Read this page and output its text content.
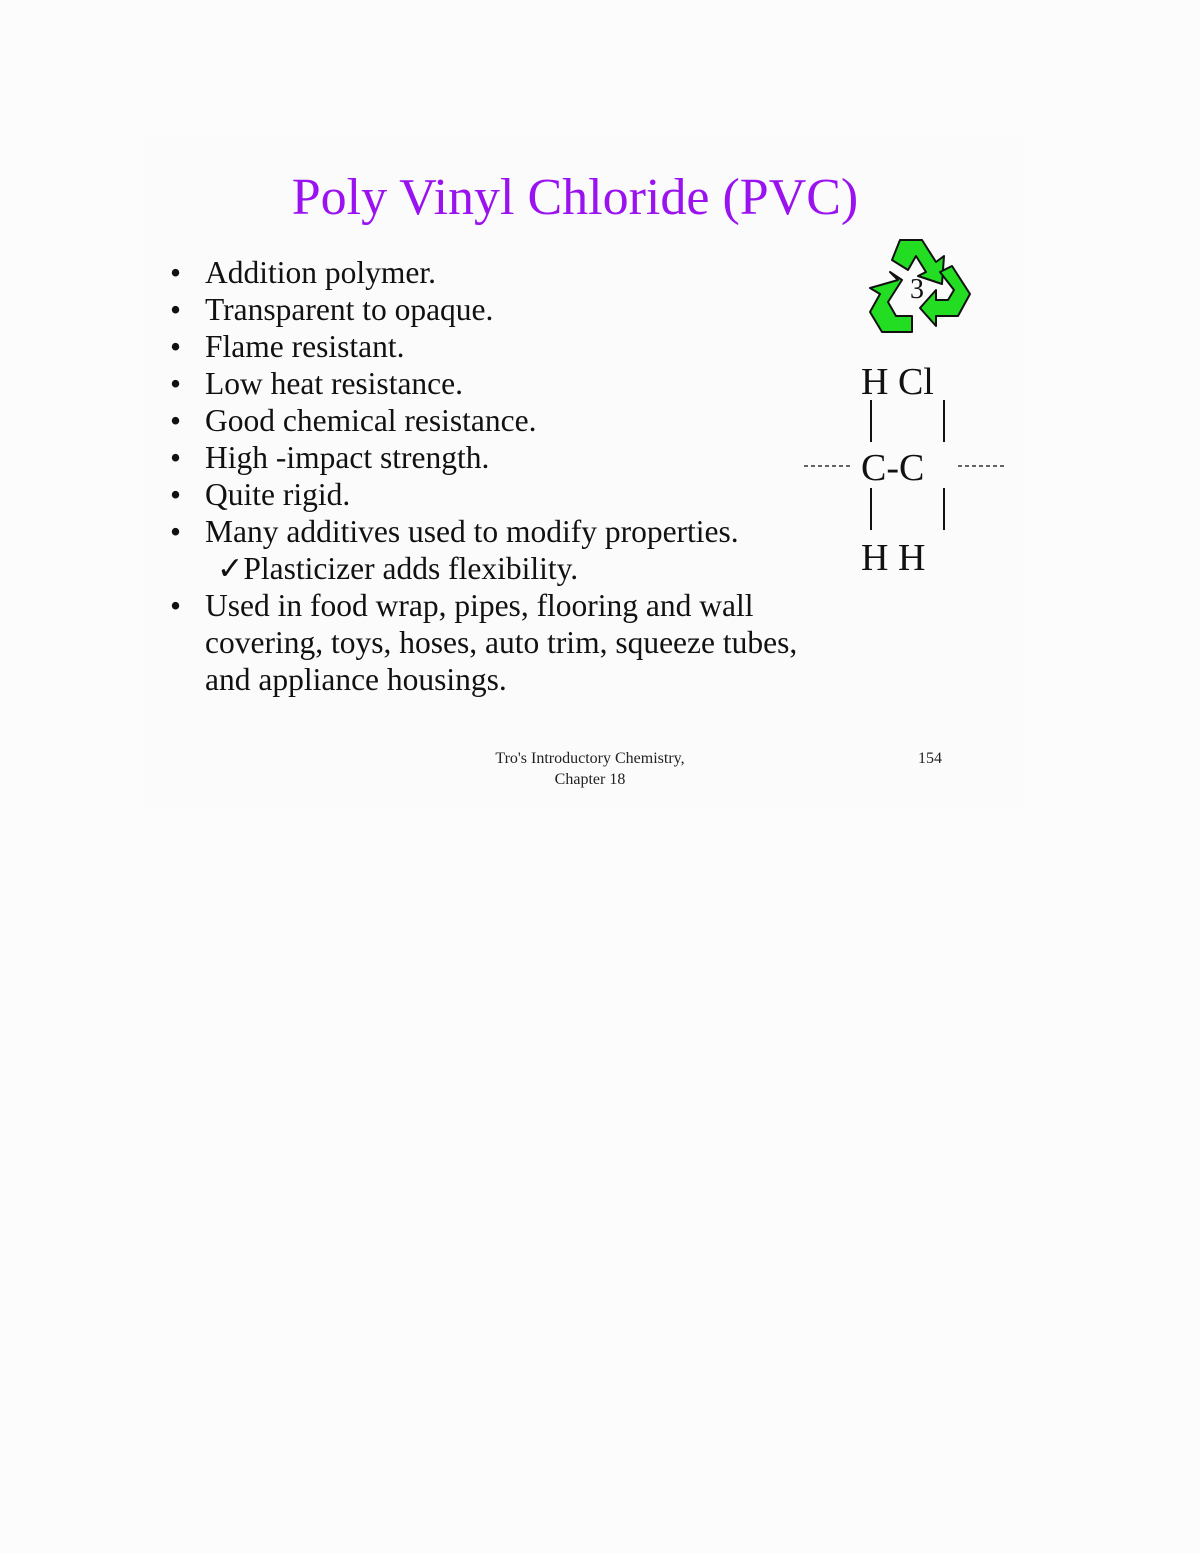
Poly Vinyl Chloride (PVC)
• Addition polymer.
• Transparent to opaque.
• Flame resistant.
• Low heat resistance.
• Good chemical resistance.
• High -impact strength.
• Quite rigid.
• Many additives used to modify properties.
✓Plasticizer adds flexibility.
• Used in food wrap, pipes, flooring and wall
covering, toys, hoses, auto trim, squeeze tubes,
and appliance housings.
3
H Cl
C-C
H H
Tro's Introductory Chemistry,
Chapter 18
154
